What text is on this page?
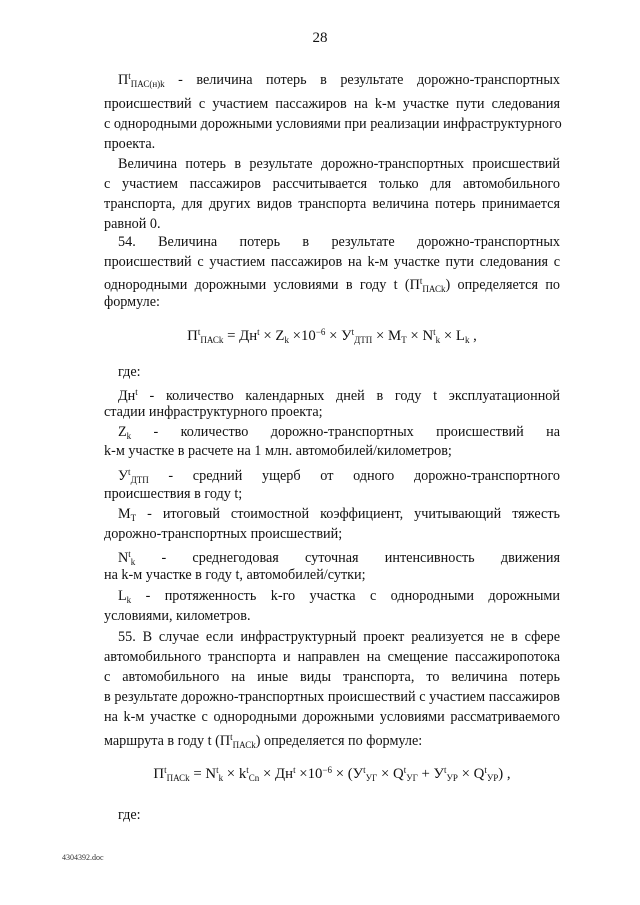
28
$\Pi^t_{ПАС(н)k}$ - величина потерь в результате дорожно-транспортных
происшествий с участием пассажиров на k-м участке пути следования
с однородными дорожными условиями при реализации инфраструктурного
проекта.
Величина потерь в результате дорожно-транспортных происшествий
с участием пассажиров рассчитывается только для автомобильного
транспорта, для других видов транспорта величина потерь принимается
равной 0.
54. Величина потерь в результате дорожно-транспортных
происшествий с участием пассажиров на k-м участке пути следования с
однородными дорожными условиями в году t $(\Pi^t_{ПАСk})$ определяется по
формуле:
$\Pi^t_{ПАСk} = Дн^t \times Z_k \times 10^{-6} \times У^t_{ДТП} \times М_T \times N^t_k \times L_k$ ,
где:
$Дн^t$ - количество календарных дней в году t эксплуатационной
стадии инфраструктурного проекта;
$Z_k$ - количество дорожно-транспортных происшествий на
k-м участке в расчете на 1 млн. автомобилей/километров;
$У^t_{ДТП}$ - средний ущерб от одного дорожно-транспортного
происшествия в году t;
$М_T$ - итоговый стоимостной коэффициент, учитывающий тяжесть
дорожно-транспортных происшествий;
$N^t_k$ - среднегодовая суточная интенсивность движения
на k-м участке в году t, автомобилей/сутки;
$L_k$ - протяженность k-го участка с однородными дорожными
условиями, километров.
55. В случае если инфраструктурный проект реализуется не в сфере
автомобильного транспорта и направлен на смещение пассажиропотока
с автомобильного на иные виды транспорта, то величина потерь
в результате дорожно-транспортных происшествий с участием пассажиров
на k-м участке с однородными дорожными условиями рассматриваемого
маршрута в году t $(\Pi^t_{ПАСk})$ определяется по формуле:
$\Pi^t_{ПАСk} = N^t_k \times k^t_{Cn} \times Дн^t \times 10^{-6} \times (У^t_{УГ} \times Q^t_{УГ} + У^t_{УР} \times Q^t_{УР})$ ,
где:
4304392.doc
